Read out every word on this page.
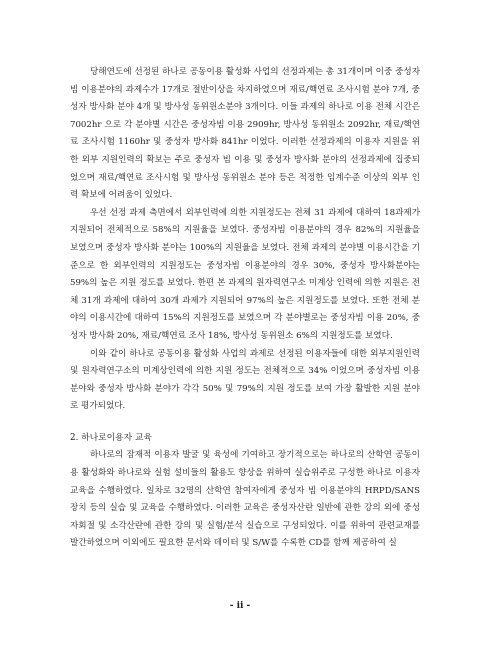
당해연도에 선정된 하나로 공동이용 활성화 사업의 선정과제는 총 31개이며 이중 중성자빔 이용분야의 과제수가 17개로 절반이상을 차지하였으며 재료/핵연료 조사시험 분야 7개, 중성자 방사화 분야 4개 및 방사성 동위원소분야 3개이다. 이들 과제의 하나로 이용 전체 시간은 7002hr 으로 각 분야별 시간은 중성자빔 이용 2909hr, 방사성 동위원소 2092hr, 재료/핵연료 조사시험 1160hr 및 중성자 방사화 841hr 이었다. 이러한 선정과제의 이용자 지원을 위한 외부 지원인력의 확보는 주로 중성자 빔 이용 및 중성자 방사화 분야의 선정과제에 집중되었으며 재료/핵연료 조사시험 및 방사성 동위원소 분야 등은 적정한 임계수준 이상의 외부 인력 확보에 어려움이 있었다.

우선 선정 과제 측면에서 외부인력에 의한 지원정도는 전체 31 과제에 대하여 18과제가 지원되어 전체적으로 58%의 지원율을 보였다. 중성자빔 이용분야의 경우 82%의 지원율을 보였으며 중성자 방사화 분야는 100%의 지원율을 보였다. 전체 과제의 분야별 이용시간을 기준으로 한 외부인력의 지원정도는 중성자빔 이용분야의 경우 30%, 중성자 방사화분야는 59%의 높은 지원 정도를 보였다. 한편 본 과제의 원자력연구소 미계상 인력에 의한 지원은 전체 31개 과제에 대하여 30개 과제가 지원되어 97%의 높은 지원정도를 보였다. 또한 전체 분야의 이용시간에 대하여 15%의 지원정도를 보였으며 각 분야별로는 중성자빔 이용 20%, 중성자 방사화 20%, 재료/핵연료 조사 18%, 방사성 동위원소 6%의 지원정도를 보였다.

이와 같이 하나로 공동이용 활성화 사업의 과제로 선정된 이용자들에 대한 외부지원인력 및 원자력연구소의 미계상인력에 의한 지원 정도는 전체적으로 34% 이었으며 중성자빔 이용 분야와 중성자 방사화 분야가 각각 50% 및 79%의 지원 정도를 보여 가장 활발한 지원 분야로 평가되었다.

2. 하나로이용자 교육

하나로의 잠재적 이용자 발굴 및 육성에 기여하고 장기적으로는 하나로의 산학연 공동이용 활성화와 하나로와 실험 설비들의 활용도 향상을 위하여 실습위주로 구성한 하나로 이용자 교육을 수행하였다. 일차로 32명의 산학연 참여자에게 중성자 빔 이용분야의 HRPD/SANS 장치 등의 실습 및 교육을 수행하였다. 이러한 교육은 중성자산란 일반에 관한 강의 외에 중성자회절 및 소각산란에 관한 강의 및 실험/분석 실습으로 구성되었다. 이를 위하여 관련교재를 발간하였으며 이외에도 필요한 문서와 데이터 및 S/W를 수록한 CD를 함께 제공하여 실

- ii -
